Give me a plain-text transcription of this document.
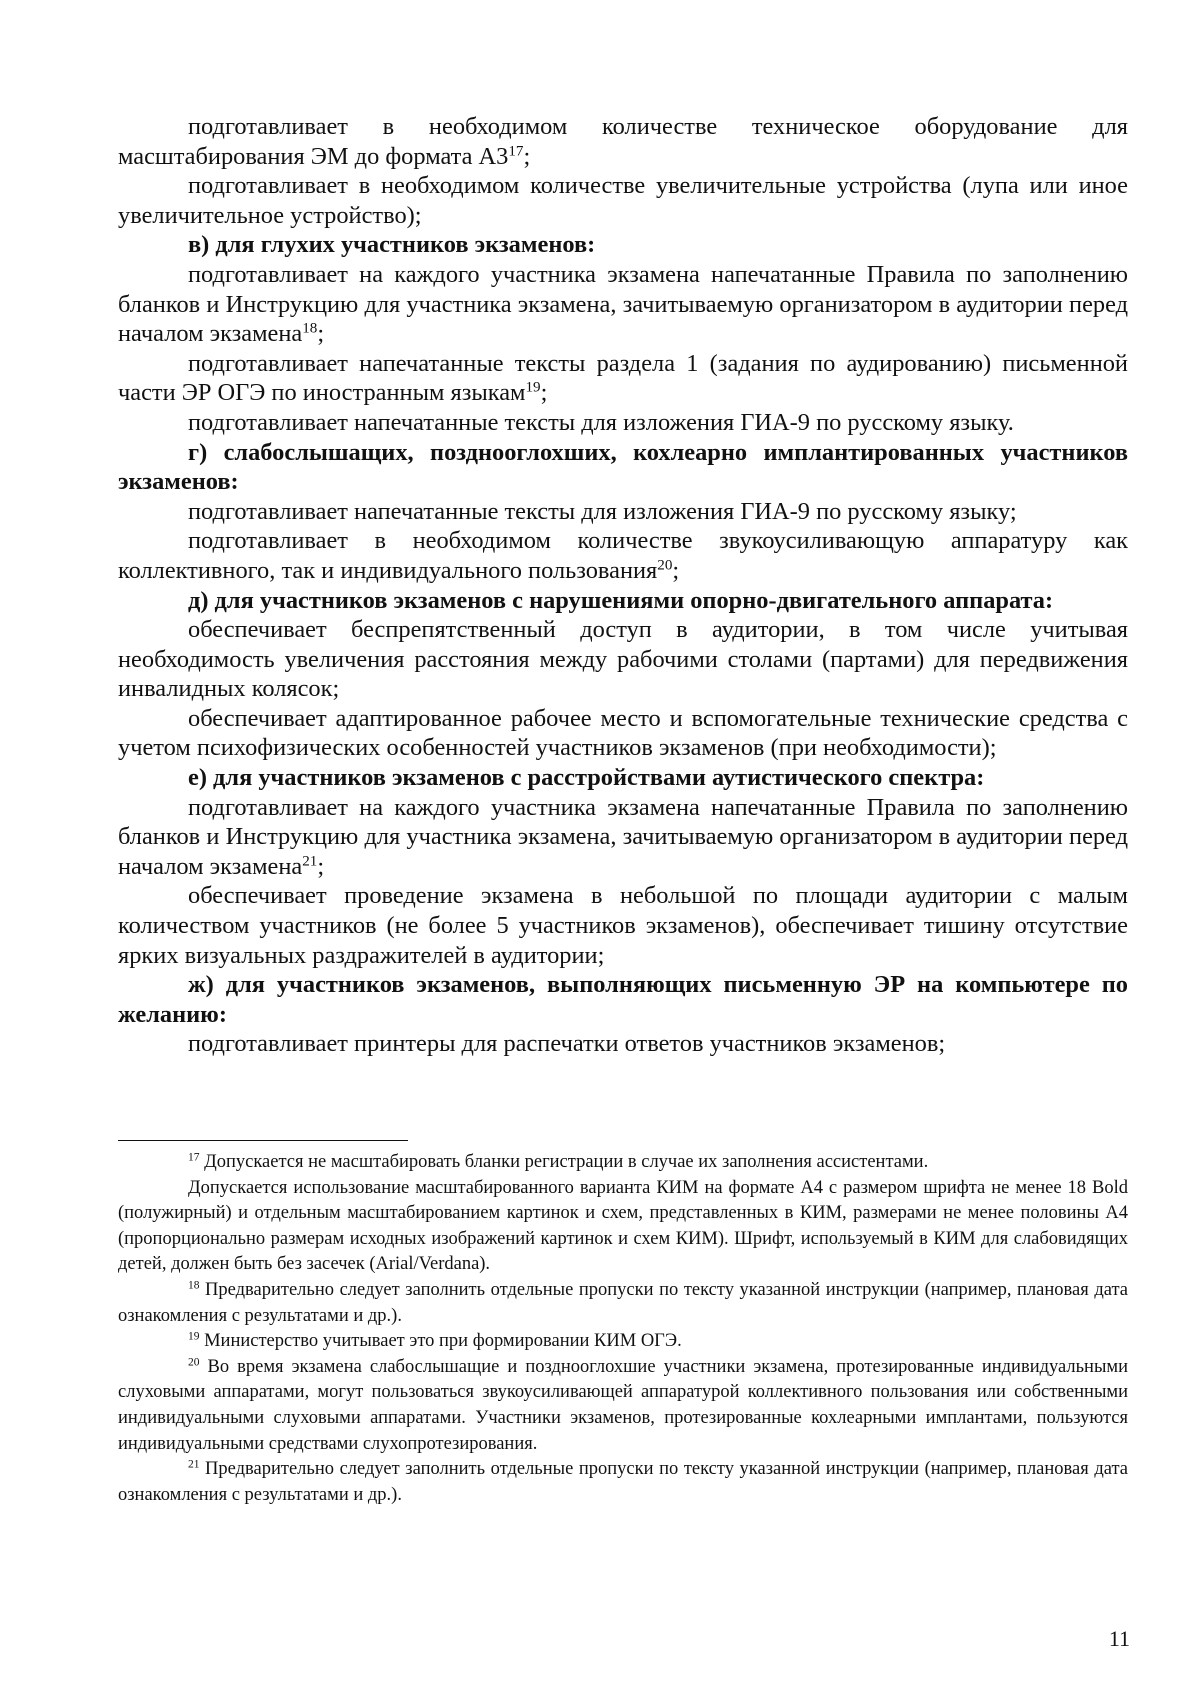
подготавливает в необходимом количестве техническое оборудование для масштабирования ЭМ до формата $А3^{17}$;

подготавливает в необходимом количестве увеличительные устройства (лупа или иное увеличительное устройство);

в) для глухих участников экзаменов:

подготавливает на каждого участника экзамена напечатанные Правила по заполнению бланков и Инструкцию для участника экзамена, зачитываемую организатором в аудитории перед началом экзамена$^{18}$;

подготавливает напечатанные тексты раздела 1 (задания по аудированию) письменной части ЭР ОГЭ по иностранным языкам$^{19}$;

подготавливает напечатанные тексты для изложения ГИА-9 по русскому языку.

г) слабослышащих, позднооглохших, кохлеарно имплантированных участников экзаменов:

подготавливает напечатанные тексты для изложения ГИА-9 по русскому языку;

подготавливает в необходимом количестве звукоусиливающую аппаратуру как коллективного, так и индивидуального пользования$^{20}$;

д) для участников экзаменов с нарушениями опорно-двигательного аппарата:

обеспечивает беспрепятственный доступ в аудитории, в том числе учитывая необходимость увеличения расстояния между рабочими столами (партами) для передвижения инвалидных колясок;

обеспечивает адаптированное рабочее место и вспомогательные технические средства с учетом психофизических особенностей участников экзаменов (при необходимости);

е) для участников экзаменов с расстройствами аутистического спектра:

подготавливает на каждого участника экзамена напечатанные Правила по заполнению бланков и Инструкцию для участника экзамена, зачитываемую организатором в аудитории перед началом экзамена$^{21}$;

обеспечивает проведение экзамена в небольшой по площади аудитории с малым количеством участников (не более 5 участников экзаменов), обеспечивает тишину отсутствие ярких визуальных раздражителей в аудитории;

ж) для участников экзаменов, выполняющих письменную ЭР на компьютере по желанию:

подготавливает принтеры для распечатки ответов участников экзаменов;

$^{17}$ Допускается не масштабировать бланки регистрации в случае их заполнения ассистентами.

Допускается использование масштабированного варианта КИМ на формате А4 с размером шрифта не менее 18 Bold (полужирный) и отдельным масштабированием картинок и схем, представленных в КИМ, размерами не менее половины А4 (пропорционально размерам исходных изображений картинок и схем КИМ). Шрифт, используемый в КИМ для слабовидящих детей, должен быть без засечек (Arial/Verdana).

$^{18}$ Предварительно следует заполнить отдельные пропуски по тексту указанной инструкции (например, плановая дата ознакомления с результатами и др.).

$^{19}$ Министерство учитывает это при формировании КИМ ОГЭ.

$^{20}$ Во время экзамена слабослышащие и позднооглохшие участники экзамена, протезированные индивидуальными слуховыми аппаратами, могут пользоваться звукоусиливающей аппаратурой коллективного пользования или собственными индивидуальными слуховыми аппаратами. Участники экзаменов, протезированные кохлеарными имплантами, пользуются индивидуальными средствами слухопротезирования.

$^{21}$ Предварительно следует заполнить отдельные пропуски по тексту указанной инструкции (например, плановая дата ознакомления с результатами и др.).

11
